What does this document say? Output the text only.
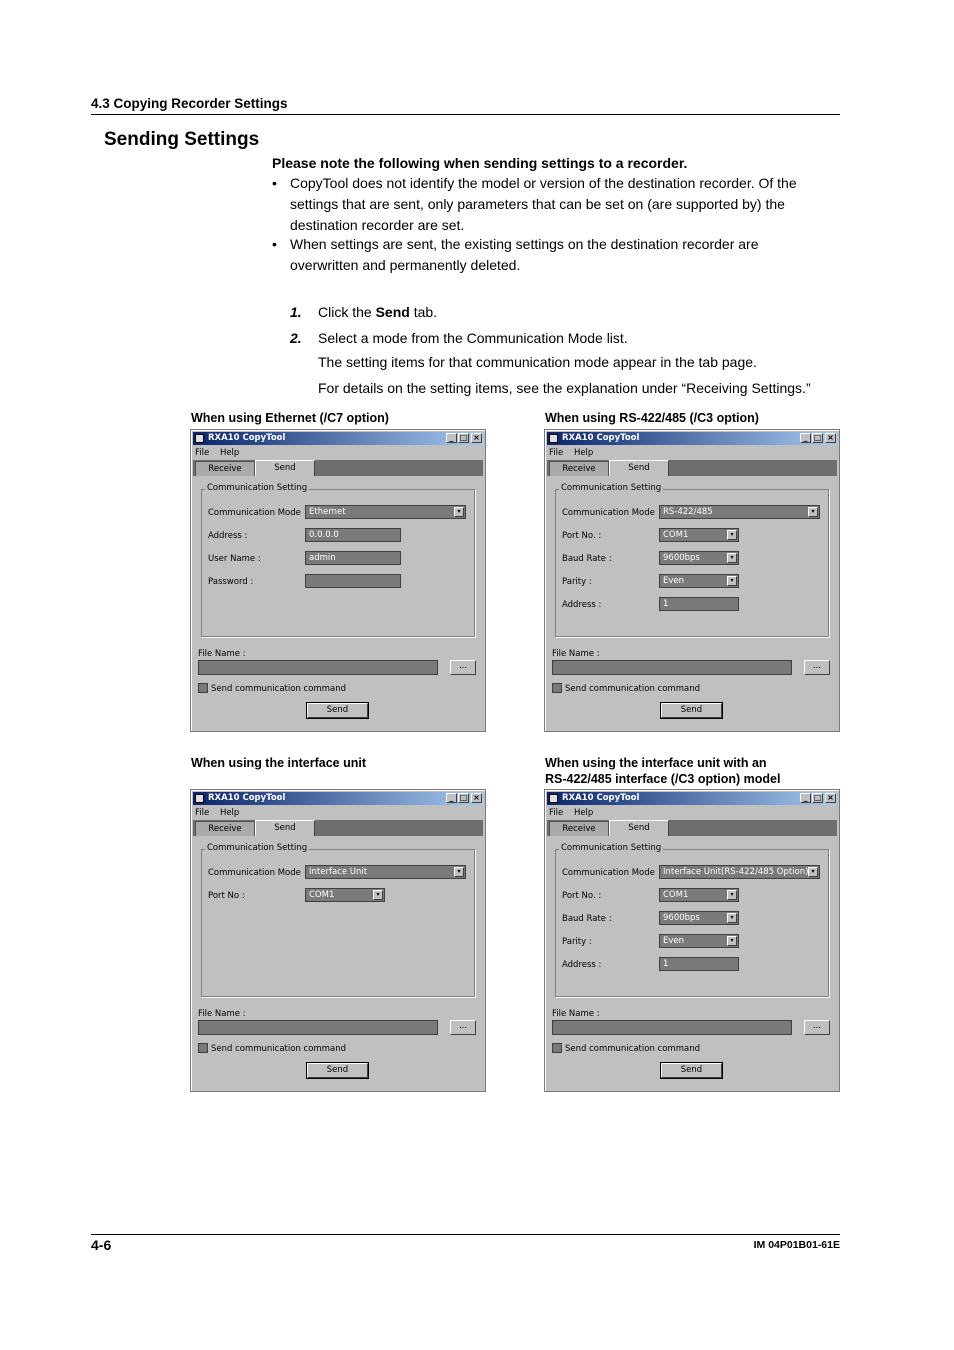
4.3 Copying Recorder Settings
Sending Settings
Please note the following when sending settings to a recorder.
• CopyTool does not identify the model or version of the destination recorder. Of the
settings that are sent, only parameters that can be set on (are supported by) the
destination recorder are set.
• When settings are sent, the existing settings on the destination recorder are
overwritten and permanently deleted.
1. Click the Send tab.
2. Select a mode from the Communication Mode list.
The setting items for that communication mode appear in the tab page.
For details on the setting items, see the explanation under “Receiving Settings.”
When using Ethernet (/C7 option)	When using RS-422/485 (/C3 option)
When using the interface unit	When using the interface unit with an
RS-422/485 interface (/C3 option) model
RXA10 CopyTool	_ □ ×
File Help
Receive	Send
Communication Setting
Communication Mode Ethernet	▾
Address :	0.0.0.0
User Name :	admin
Password :
File Name :
...
Send communication command
Send
RXA10 CopyTool	_ □ ×
File Help
Receive	Send
Communication Setting
Communication Mode RS-422/485	▾
Port No. :	COM1	▾
Baud Rate :	9600bps	▾
Parity :	Even	▾
Address :	1
File Name :
...
Send communication command
Send
RXA10 CopyTool	_ □ ×
File Help
Receive	Send
Communication Setting
Communication Mode Interface Unit	▾
Port No :	COM1	▾
File Name :
...
Send communication command
Send
RXA10 CopyTool	_ □ ×
File Help
Receive	Send
Communication Setting
Communication Mode Interface Unit(RS-422/485 Option) ▾
Port No. :	COM1	▾
Baud Rate :	9600bps	▾
Parity :	Even	▾
Address :	1
File Name :
...
Send communication command
Send
4-6	IM 04P01B01-61E
